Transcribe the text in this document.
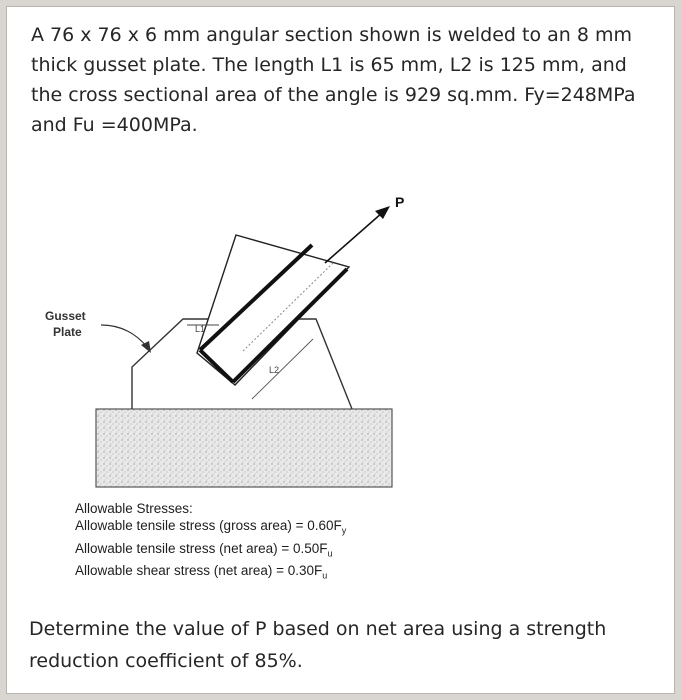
A 76 x 76 x 6 mm angular section shown is welded to an 8 mm
thick gusset plate. The length L1 is 65 mm, L2 is 125 mm, and
the cross sectional area of the angle is 929 sq.mm. Fy=248MPa
and Fu =400MPa.

P
Gusset
Plate	L1
L2
Allowable Stresses:
Allowable tensile stress (gross area) = $0.60F_y$
Allowable tensile stress (net area) = $0.50F_u$
Allowable shear stress (net area) = $0.30F_u$

Determine the value of P based on net area using a strength
reduction coefficient of 85%.
